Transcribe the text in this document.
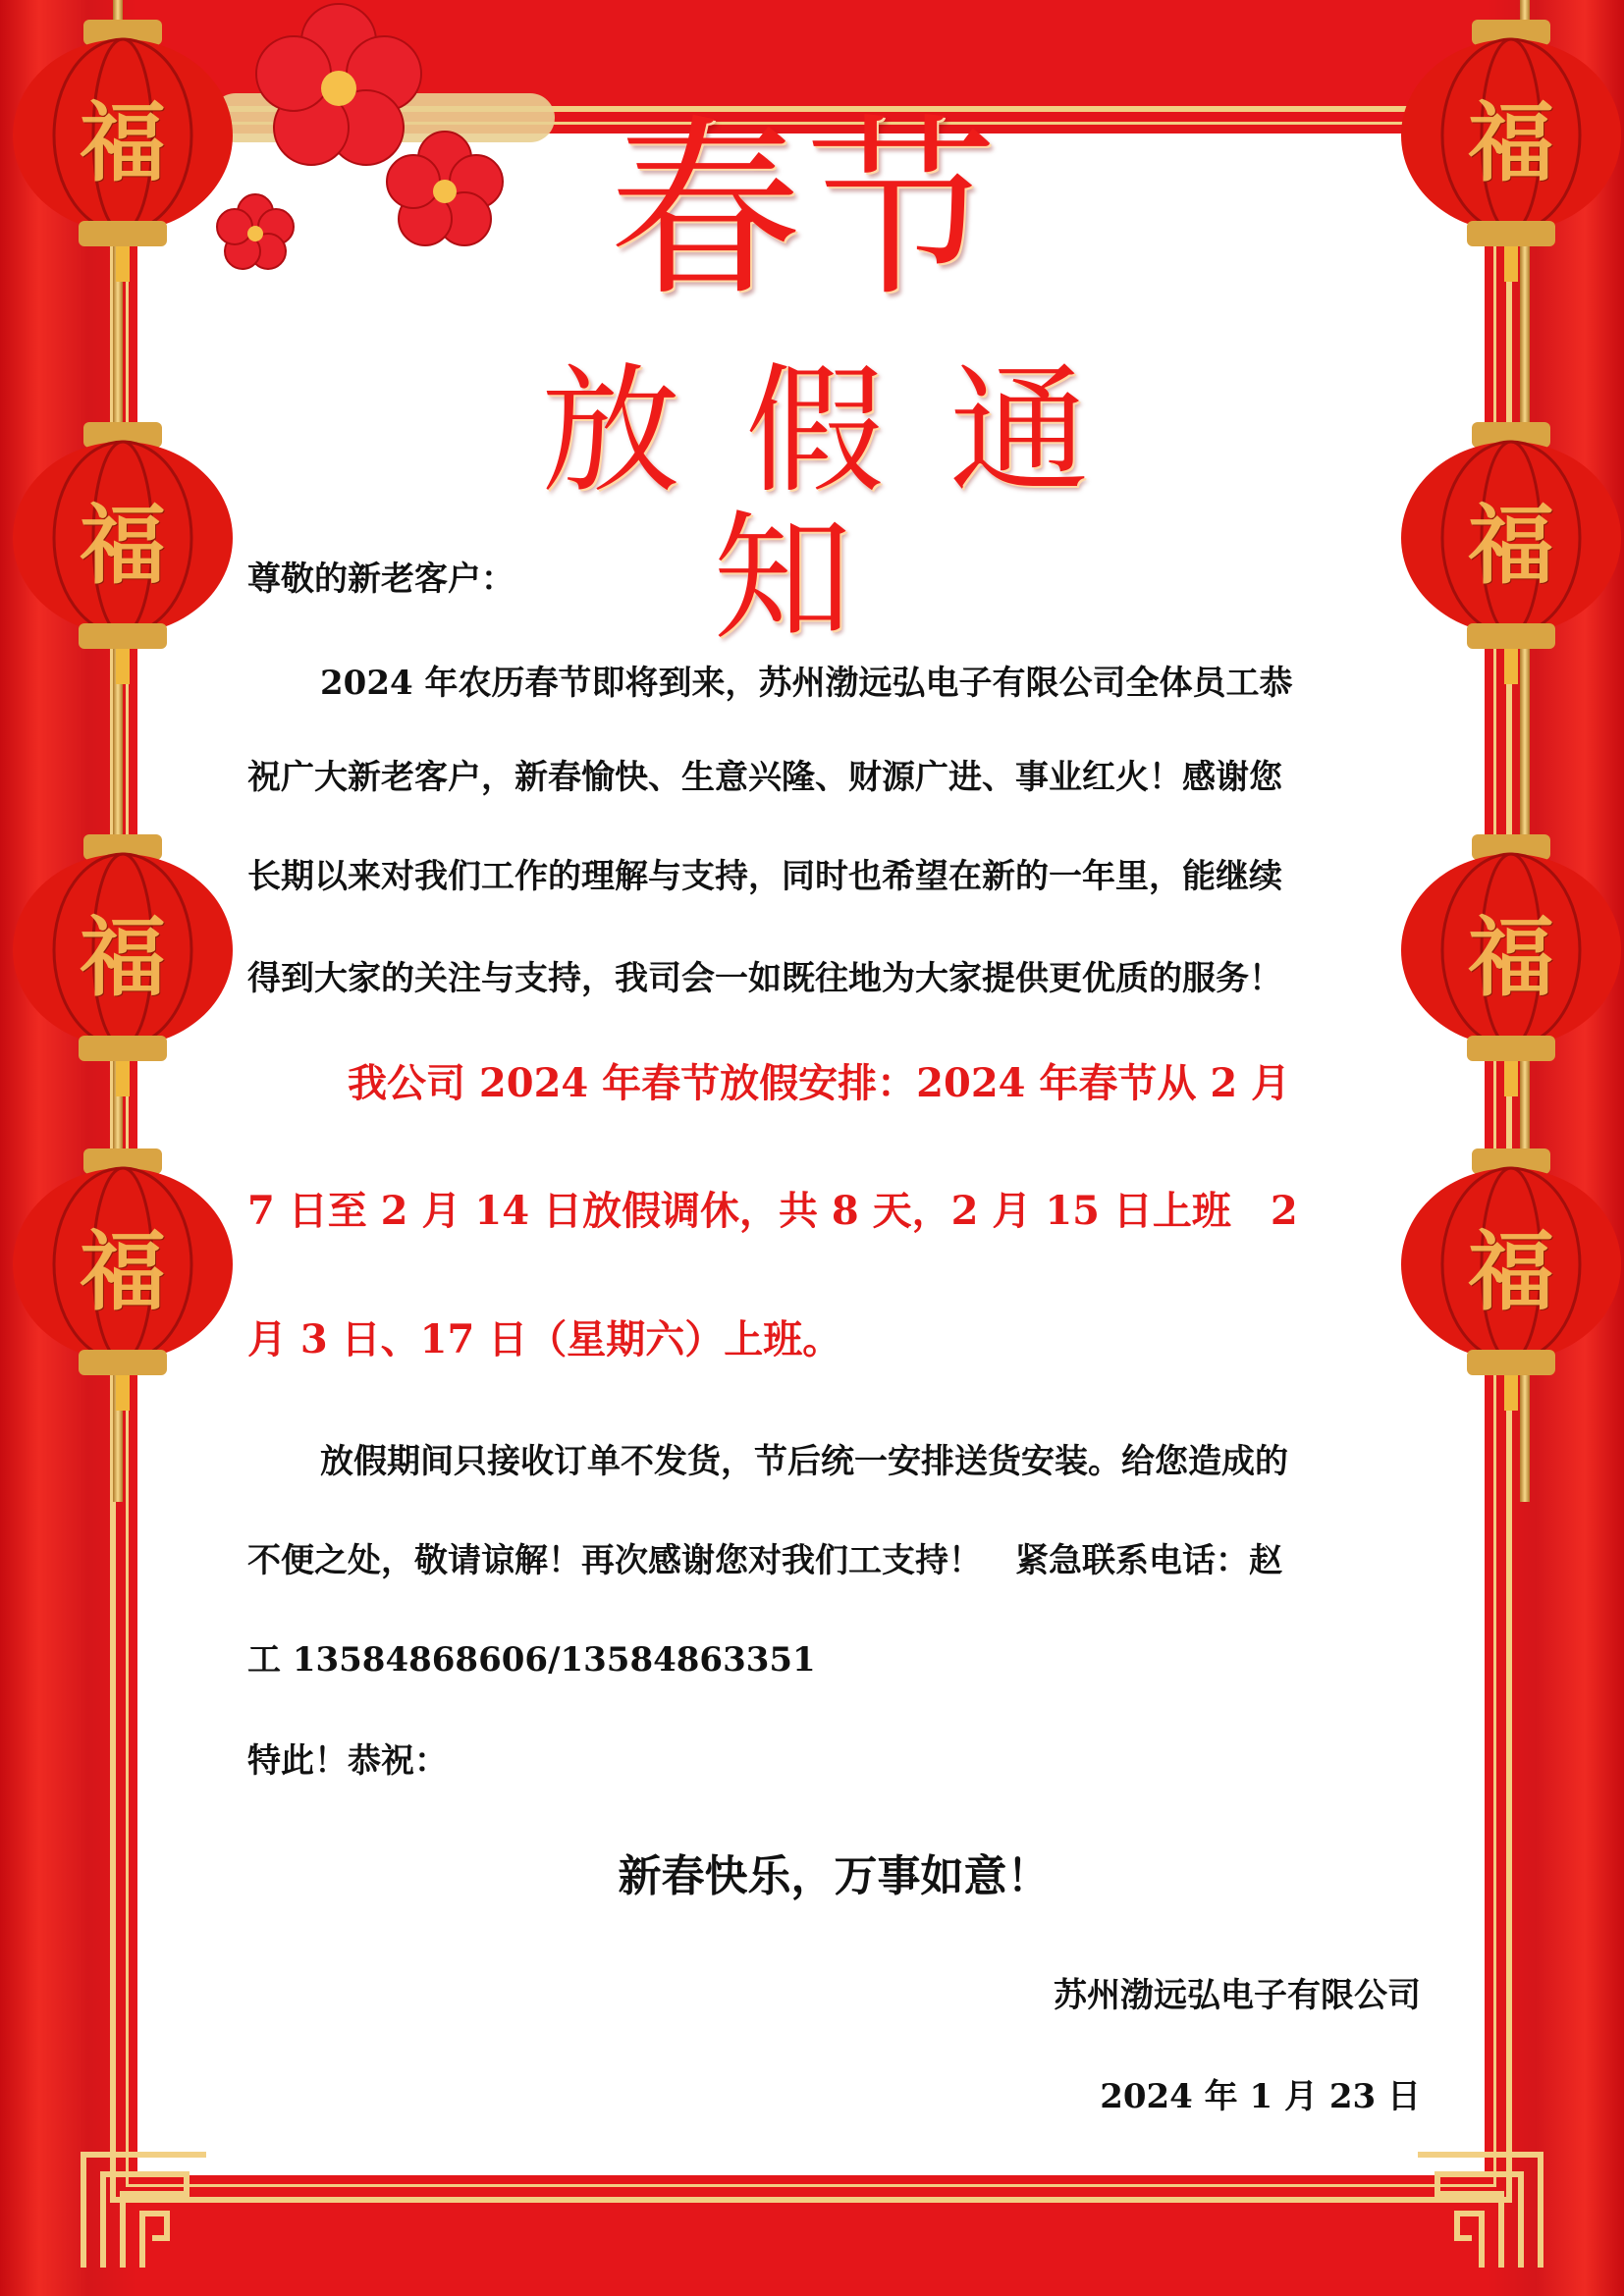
福	福
福	福
福	福
福	福
春节
放假通知
尊敬的新老客户：
2024 年农历春节即将到来，苏州渤远弘电子有限公司全体员工恭
祝广大新老客户，新春愉快、生意兴隆、财源广进、事业红火！感谢您
长期以来对我们工作的理解与支持，同时也希望在新的一年里，能继续
得到大家的关注与支持，我司会一如既往地为大家提供更优质的服务！
我公司 2024 年春节放假安排：2024 年春节从 2 月
7 日至 2 月 14 日放假调休，共 8 天，2 月 15 日上班　2
月 3 日、17 日（星期六）上班。
放假期间只接收订单不发货，节后统一安排送货安装。给您造成的
不便之处，敬请谅解！再次感谢您对我们工支持！　紧急联系电话：赵
工 13584868606/13584863351
特此！恭祝：
新春快乐，万事如意！
苏州渤远弘电子有限公司
2024 年 1 月 23 日
